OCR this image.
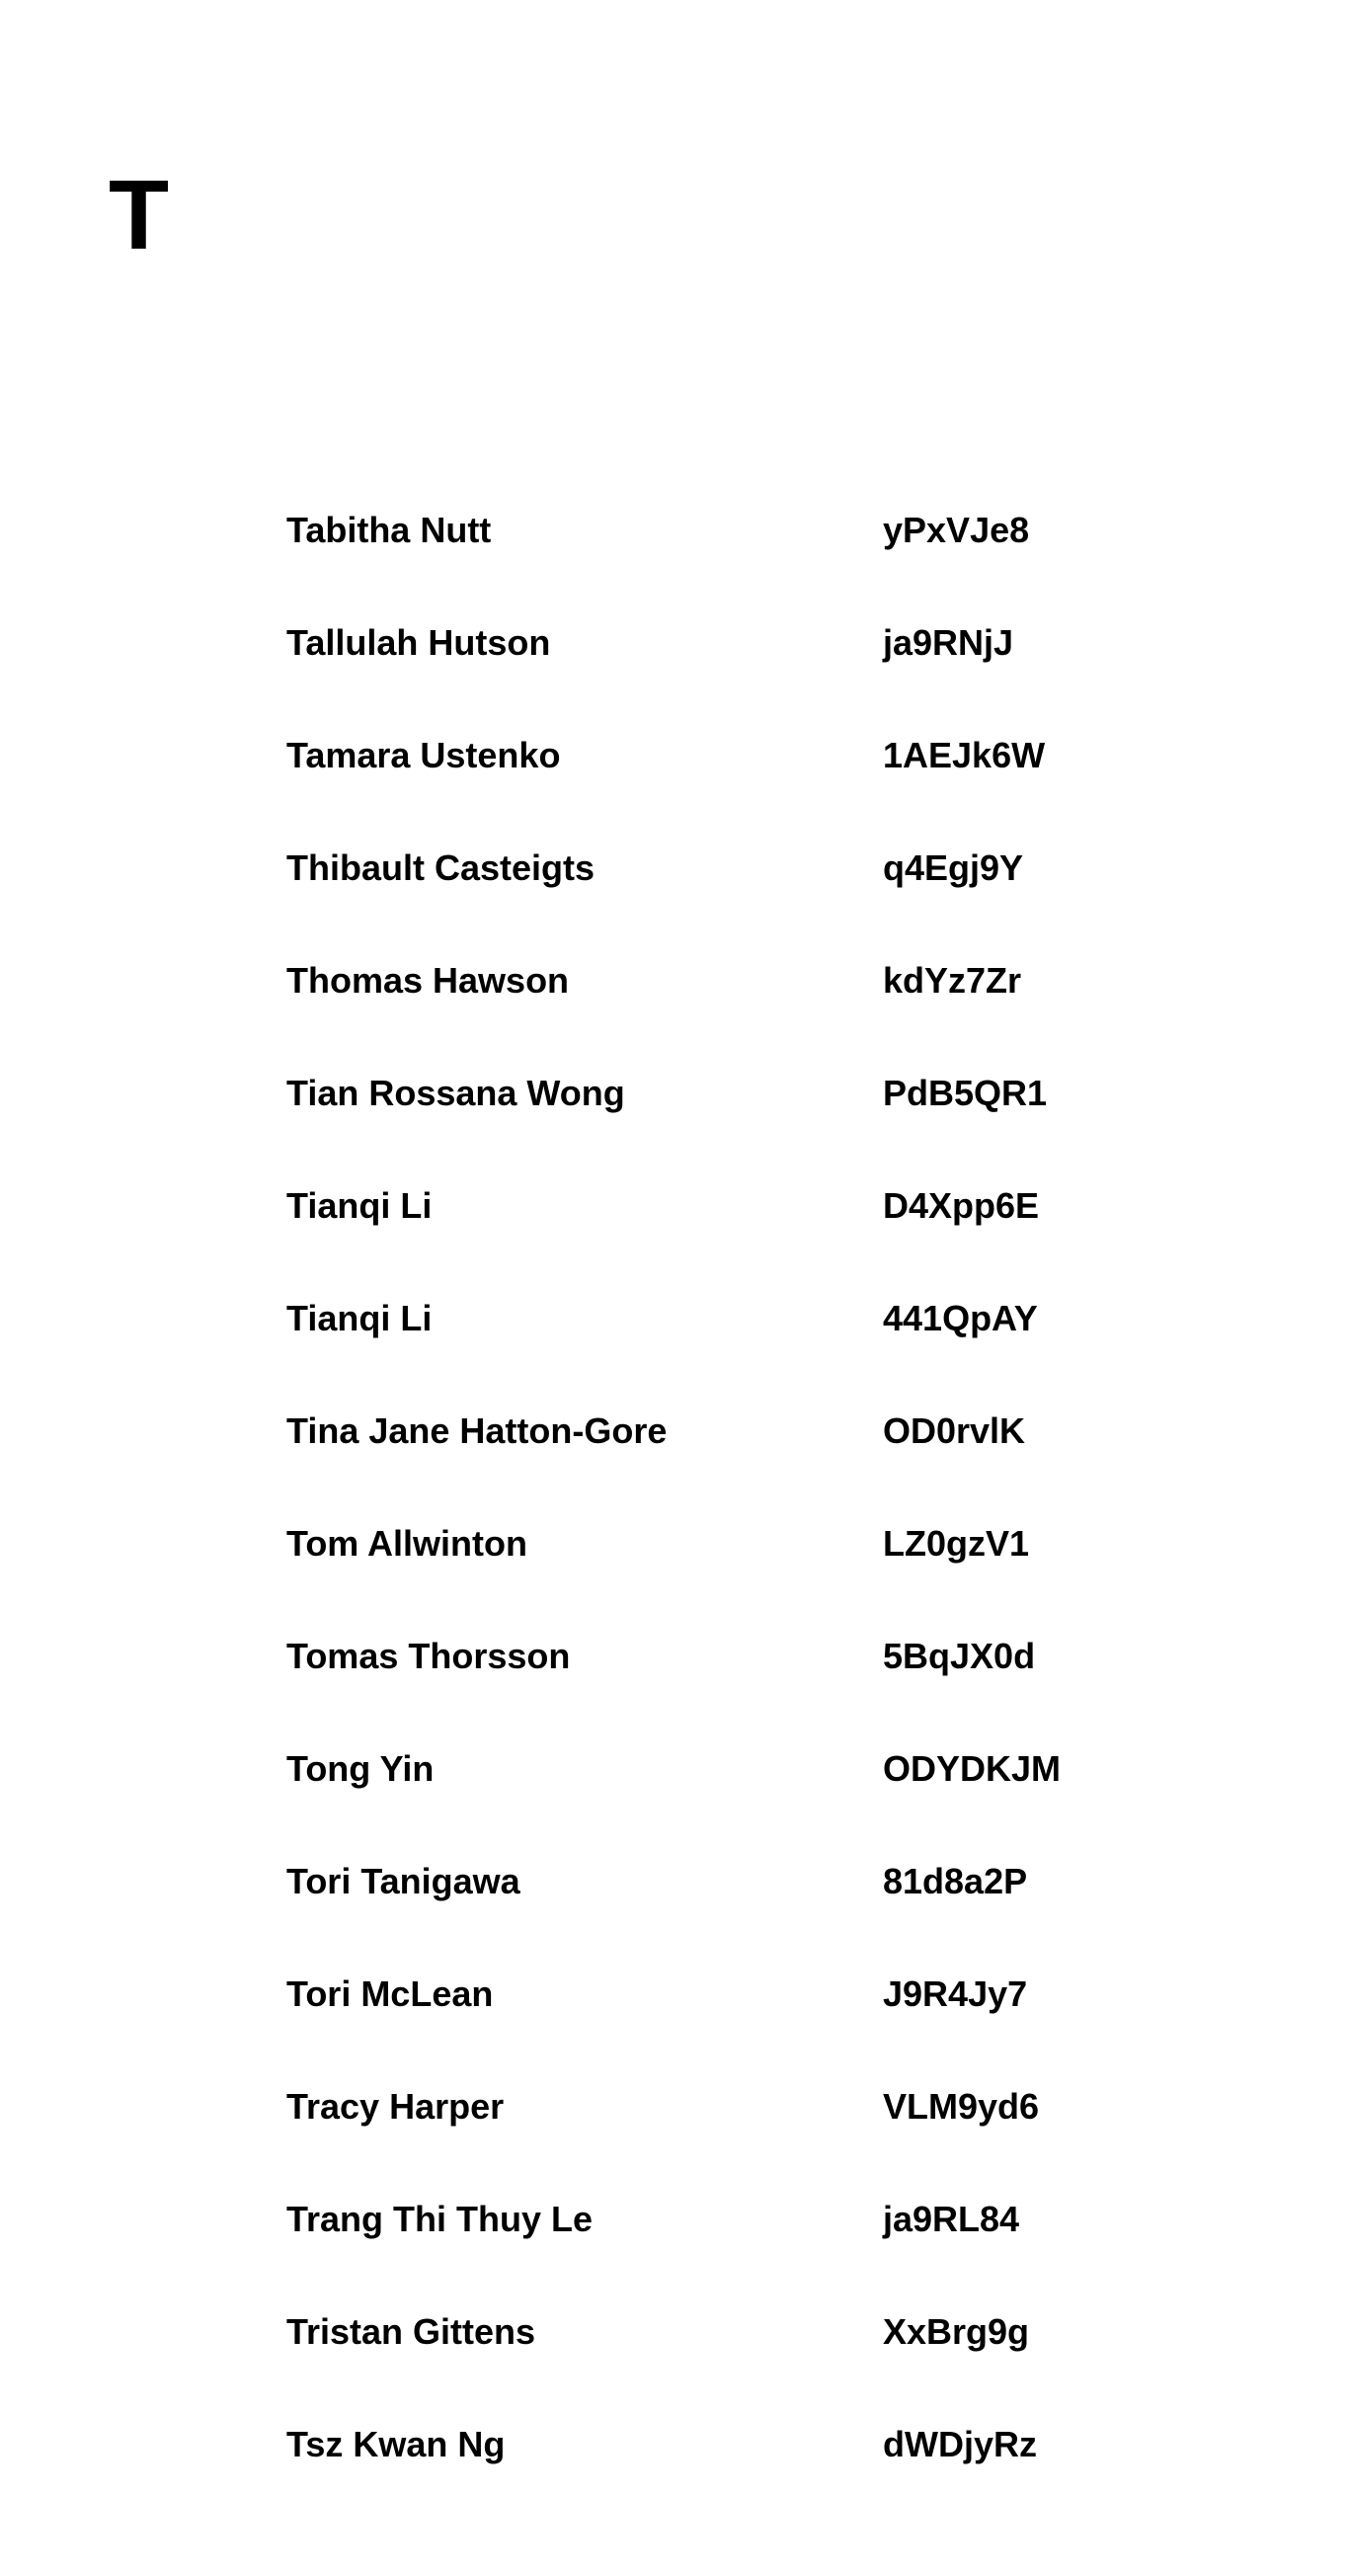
T
Tabitha Nutt	yPxVJe8
Tallulah Hutson	ja9RNjJ
Tamara Ustenko	1AEJk6W
Thibault Casteigts	q4Egj9Y
Thomas Hawson	kdYz7Zr
Tian Rossana Wong	PdB5QR1
Tianqi Li	D4Xpp6E
Tianqi Li	441QpAY
Tina Jane Hatton-Gore	OD0rvlK
Tom Allwinton	LZ0gzV1
Tomas Thorsson	5BqJX0d
Tong Yin	ODYDKJM
Tori Tanigawa	81d8a2P
Tori McLean	J9R4Jy7
Tracy Harper	VLM9yd6
Trang Thi Thuy Le	ja9RL84
Tristan Gittens	XxBrg9g
Tsz Kwan Ng	dWDjyRz
